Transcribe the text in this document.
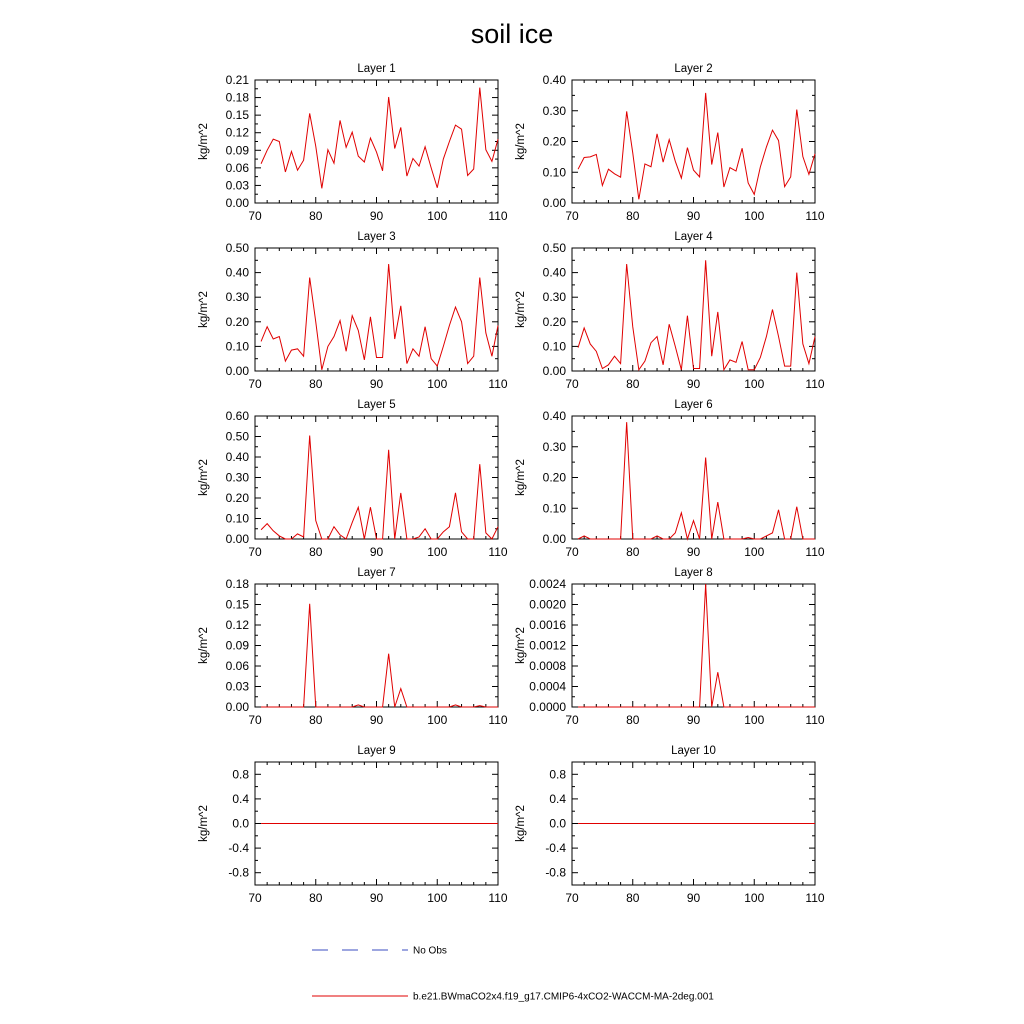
soil ice
Layer 1
kg/m^2
70	80	90	100	110
0.00
0.03
0.06
0.09
0.12
0.15
0.18
0.21
Layer 2
kg/m^2
70	80	90	100	110
0.00
0.10
0.20
0.30
0.40
Layer 3
kg/m^2
70	80	90	100	110
0.00
0.10
0.20
0.30
0.40
0.50
Layer 4
kg/m^2
70	80	90	100	110
0.00
0.10
0.20
0.30
0.40
0.50
Layer 5
kg/m^2
70	80	90	100	110
0.00
0.10
0.20
0.30
0.40
0.50
0.60
Layer 6
kg/m^2
70	80	90	100	110
0.00
0.10
0.20
0.30
0.40
Layer 7
kg/m^2
70	80	90	100	110
0.00
0.03
0.06
0.09
0.12
0.15
0.18
Layer 8
kg/m^2
70	80	90	100	110
0.0000
0.0004
0.0008
0.0012
0.0016
0.0020
0.0024
Layer 9
kg/m^2
70	80	90	100	110
-0.8
-0.4
0.0
0.4
0.8
Layer 10
kg/m^2
70	80	90	100	110
-0.8
-0.4
0.0
0.4
0.8
No Obs
b.e21.BWmaCO2x4.f19_g17.CMIP6-4xCO2-WACCM-MA-2deg.001
